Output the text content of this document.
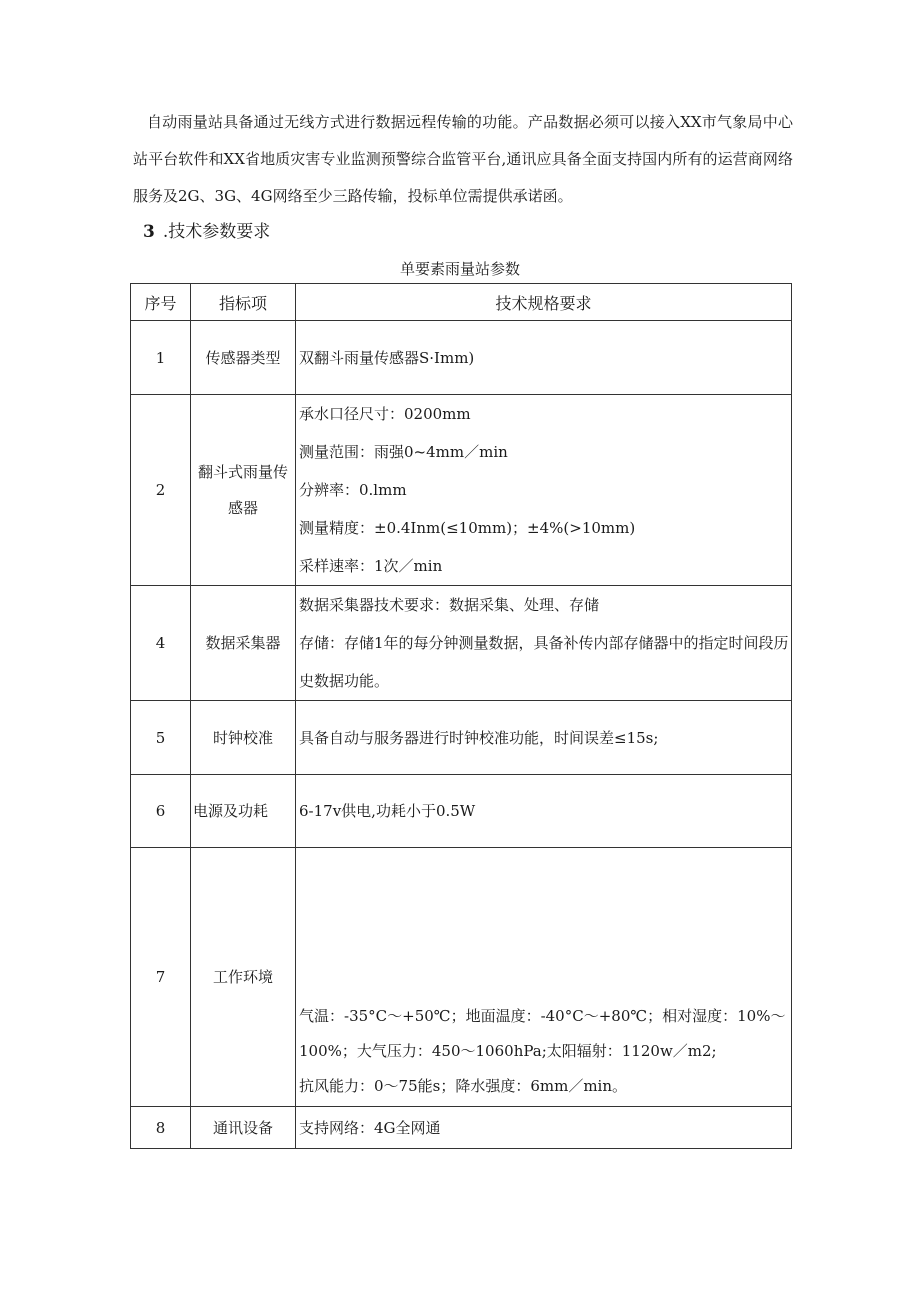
自动雨量站具备通过无线方式进行数据远程传输的功能。产品数据必须可以接入XX市气象局中心站平台软件和XX省地质灾害专业监测预警综合监管平台,通讯应具备全面支持国内所有的运营商网络服务及2G、3G、4G网络至少三路传输，投标单位需提供承诺函。
3 .技术参数要求
单要素雨量站参数
序号	指标项	技术规格要求
1	传感器类型	双翻斗雨量传感器S·Imm)

2	翻斗式雨量传感器	承水口径尺寸：0200mm
测量范围：雨强0~4mm／min
分辨率：0.lmm
测量精度：±0.4Inm(≤10mm)；±4%(>10mm)
采样速率：1次／min

4	数据采集器	数据采集器技术要求：数据采集、处理、存储
存储：存储1年的每分钟测量数据，具备补传内部存储器中的指定时间段历史数据功能。

5	时钟校准	具备自动与服务器进行时钟校准功能，时间误差≤15s;

6	电源及功耗	6-17v供电,功耗小于0.5W

7	工作环境	气温：-35°C～+50℃；地面温度：-40°C～+80℃；相对湿度：10%～100%；大气压力：450～1060hPa;太阳辐射：1120w／m2;
抗风能力：0～75能s；降水强度：6mm／min。

8	通讯设备	支持网络：4G全网通
